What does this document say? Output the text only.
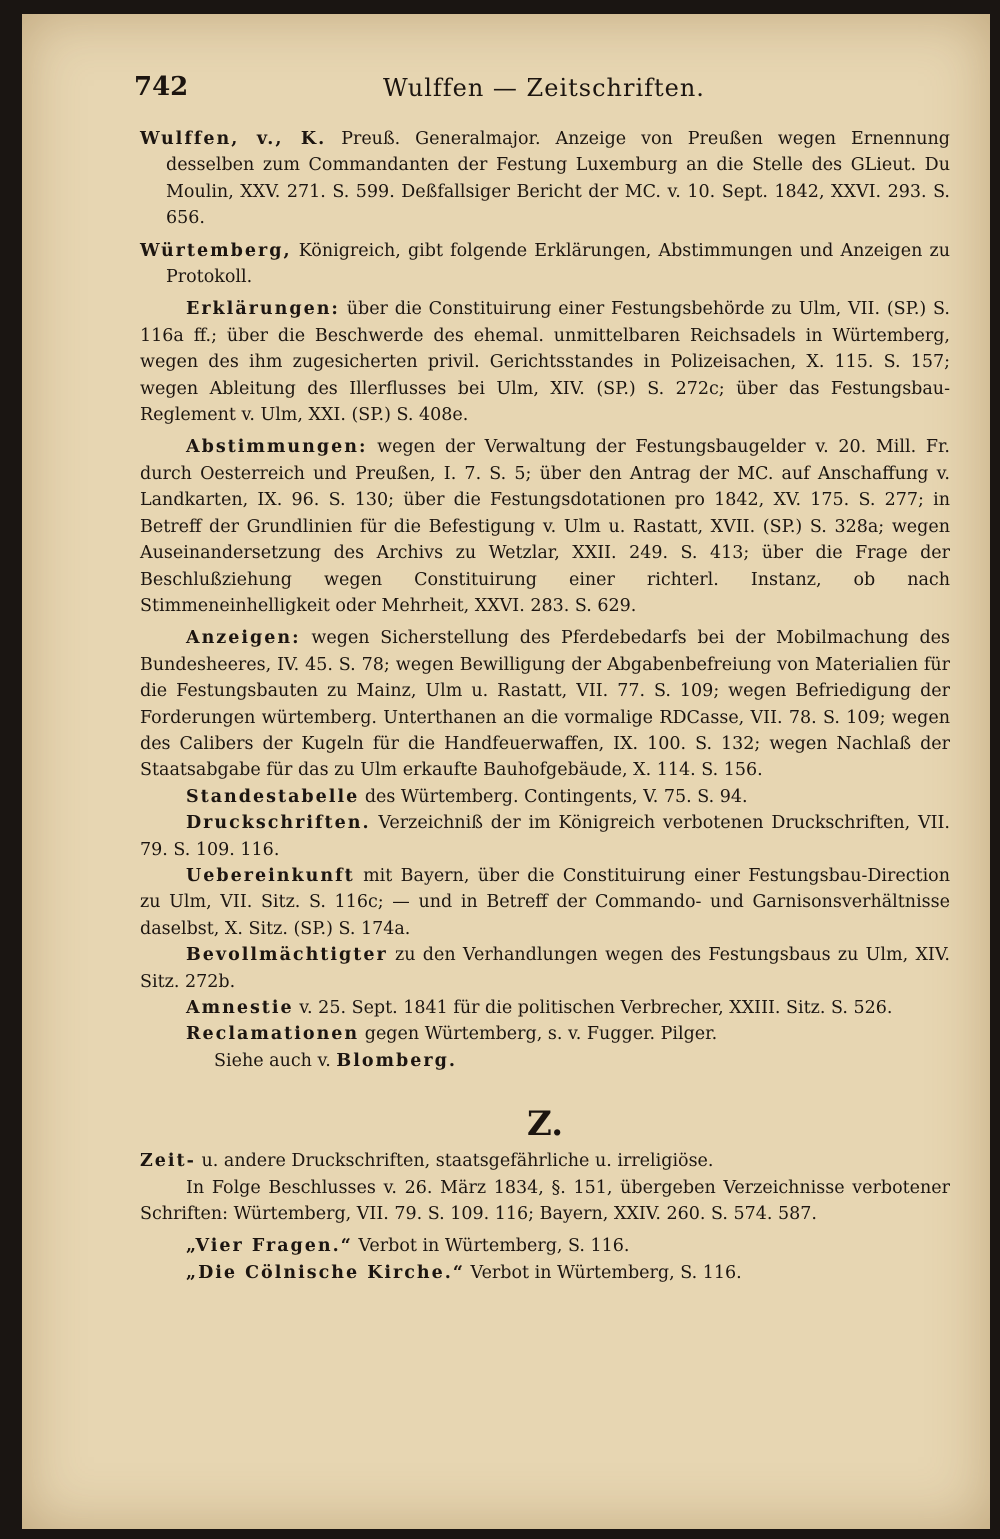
742	Wulffen — Zeitschriften.

Wulffen, v., K. Preuß. Generalmajor. Anzeige von Preußen wegen Ernennung desselben zum Commandanten der Festung Luxemburg an die Stelle des GLieut. Du Moulin, XXV. 271. S. 599. Deßfallsiger Bericht der MC. v. 10. Sept. 1842, XXVI. 293. S. 656.

Würtemberg, Königreich, gibt folgende Erklärungen, Abstimmungen und Anzeigen zu Protokoll.

Erklärungen: über die Constituirung einer Festungsbehörde zu Ulm, VII. (SP.) S. 116a ff.; über die Beschwerde des ehemal. unmittelbaren Reichsadels in Würtemberg, wegen des ihm zugesicherten privil. Gerichtsstandes in Polizeisachen, X. 115. S. 157; wegen Ableitung des Illerflusses bei Ulm, XIV. (SP.) S. 272c; über das Festungsbau-Reglement v. Ulm, XXI. (SP.) S. 408e.

Abstimmungen: wegen der Verwaltung der Festungsbaugelder v. 20. Mill. Fr. durch Oesterreich und Preußen, I. 7. S. 5; über den Antrag der MC. auf Anschaffung v. Landkarten, IX. 96. S. 130; über die Festungsdotationen pro 1842, XV. 175. S. 277; in Betreff der Grundlinien für die Befestigung v. Ulm u. Rastatt, XVII. (SP.) S. 328a; wegen Auseinandersetzung des Archivs zu Wetzlar, XXII. 249. S. 413; über die Frage der Beschlußziehung wegen Constituirung einer richterl. Instanz, ob nach Stimmeneinhelligkeit oder Mehrheit, XXVI. 283. S. 629.

Anzeigen: wegen Sicherstellung des Pferdebedarfs bei der Mobilmachung des Bundesheeres, IV. 45. S. 78; wegen Bewilligung der Abgabenbefreiung von Materialien für die Festungsbauten zu Mainz, Ulm u. Rastatt, VII. 77. S. 109; wegen Befriedigung der Forderungen würtemberg. Unterthanen an die vormalige RDCasse, VII. 78. S. 109; wegen des Calibers der Kugeln für die Handfeuerwaffen, IX. 100. S. 132; wegen Nachlaß der Staatsabgabe für das zu Ulm erkaufte Bauhofgebäude, X. 114. S. 156.

Standestabelle des Würtemberg. Contingents, V. 75. S. 94.

Druckschriften. Verzeichniß der im Königreich verbotenen Druckschriften, VII. 79. S. 109. 116.

Uebereinkunft mit Bayern, über die Constituirung einer Festungsbau-Direction zu Ulm, VII. Sitz. S. 116c; — und in Betreff der Commando- und Garnisonsverhältnisse daselbst, X. Sitz. (SP.) S. 174a.

Bevollmächtigter zu den Verhandlungen wegen des Festungsbaus zu Ulm, XIV. Sitz. 272b.

Amnestie v. 25. Sept. 1841 für die politischen Verbrecher, XXIII. Sitz. S. 526.

Reclamationen gegen Würtemberg, s. v. Fugger. Pilger.

Siehe auch v. Blomberg.

Z.

Zeit- u. andere Druckschriften, staatsgefährliche u. irreligiöse.

In Folge Beschlusses v. 26. März 1834, §. 151, übergeben Verzeichnisse verbotener Schriften: Würtemberg, VII. 79. S. 109. 116; Bayern, XXIV. 260. S. 574. 587.

„Vier Fragen.“ Verbot in Würtemberg, S. 116.

„Die Cölnische Kirche.“ Verbot in Würtemberg, S. 116.
